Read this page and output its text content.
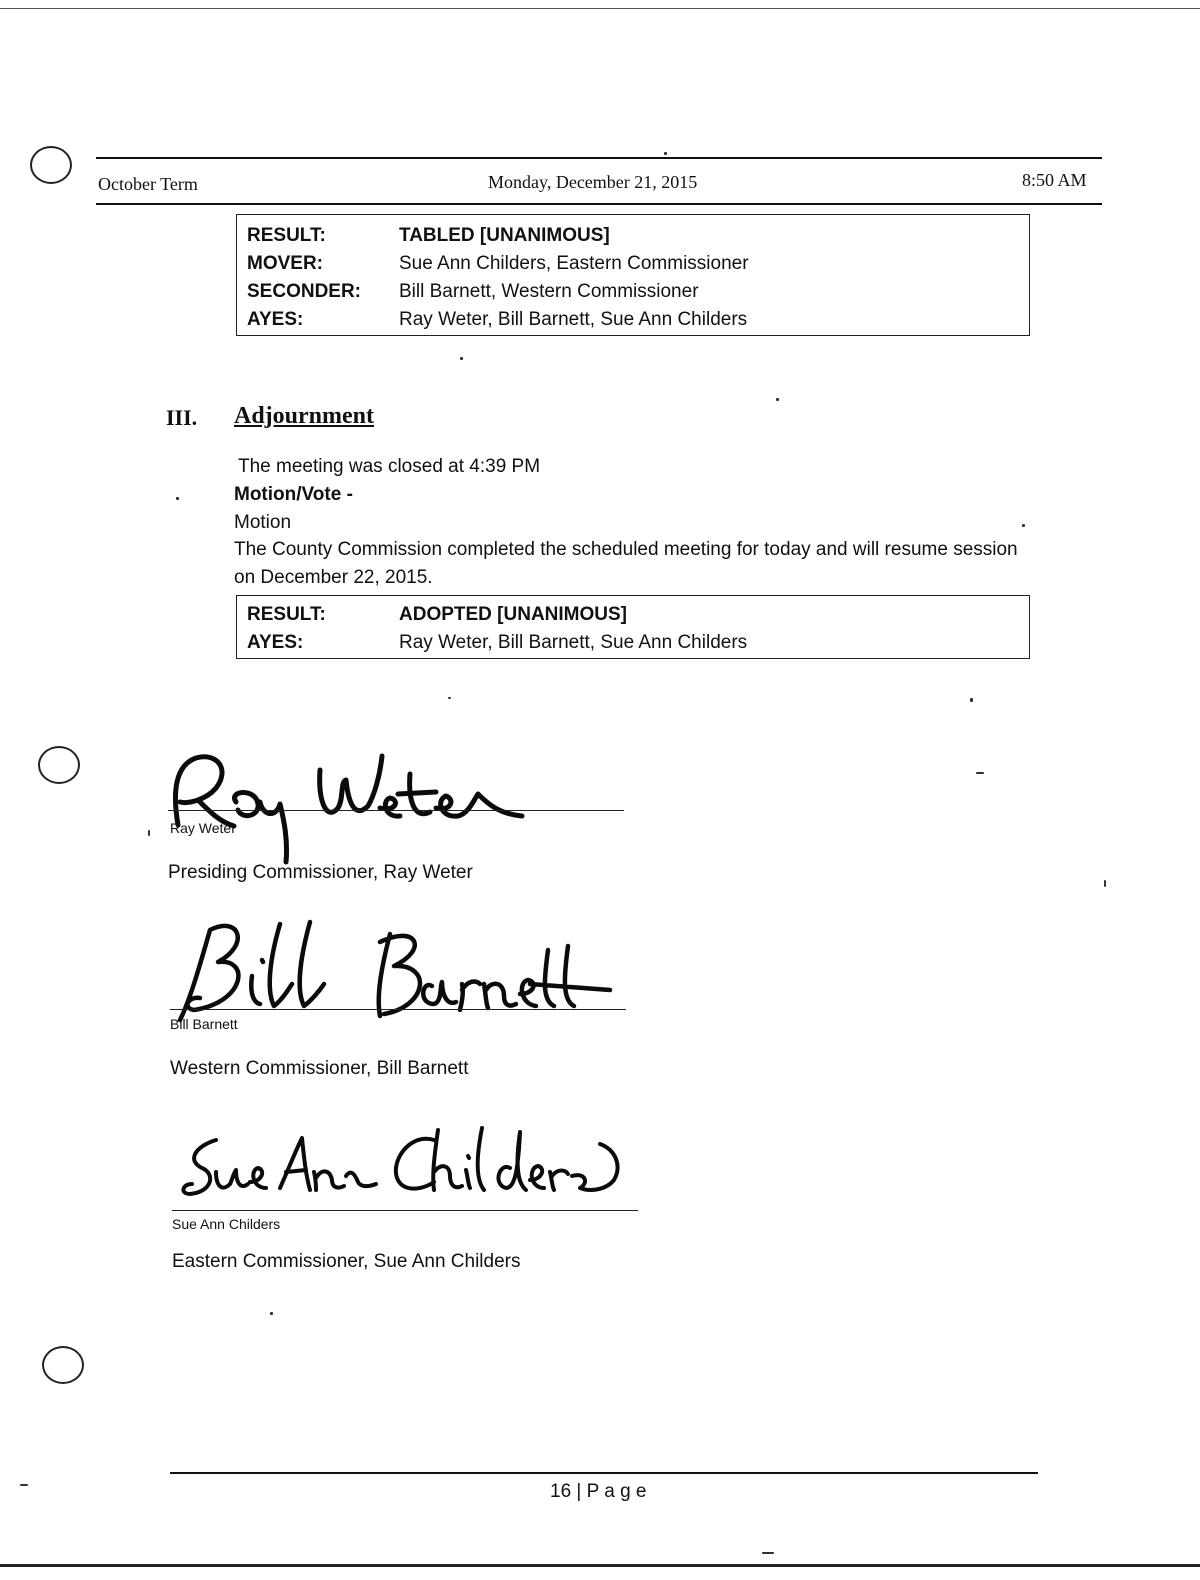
October Term	Monday, December 21, 2015	8:50 AM
RESULT:	TABLED [UNANIMOUS]
MOVER:	Sue Ann Childers, Eastern Commissioner
SECONDER:	Bill Barnett, Western Commissioner
AYES:	Ray Weter, Bill Barnett, Sue Ann Childers
III. Adjournment
The meeting was closed at 4:39 PM
Motion/Vote -
Motion
The County Commission completed the scheduled meeting for today and will resume session on December 22, 2015.
RESULT:	ADOPTED [UNANIMOUS]
AYES:	Ray Weter, Bill Barnett, Sue Ann Childers
Ray Weter
Presiding Commissioner, Ray Weter
Bill Barnett
Western Commissioner, Bill Barnett
Sue Ann Childers
Eastern Commissioner, Sue Ann Childers
16 | P a g e
